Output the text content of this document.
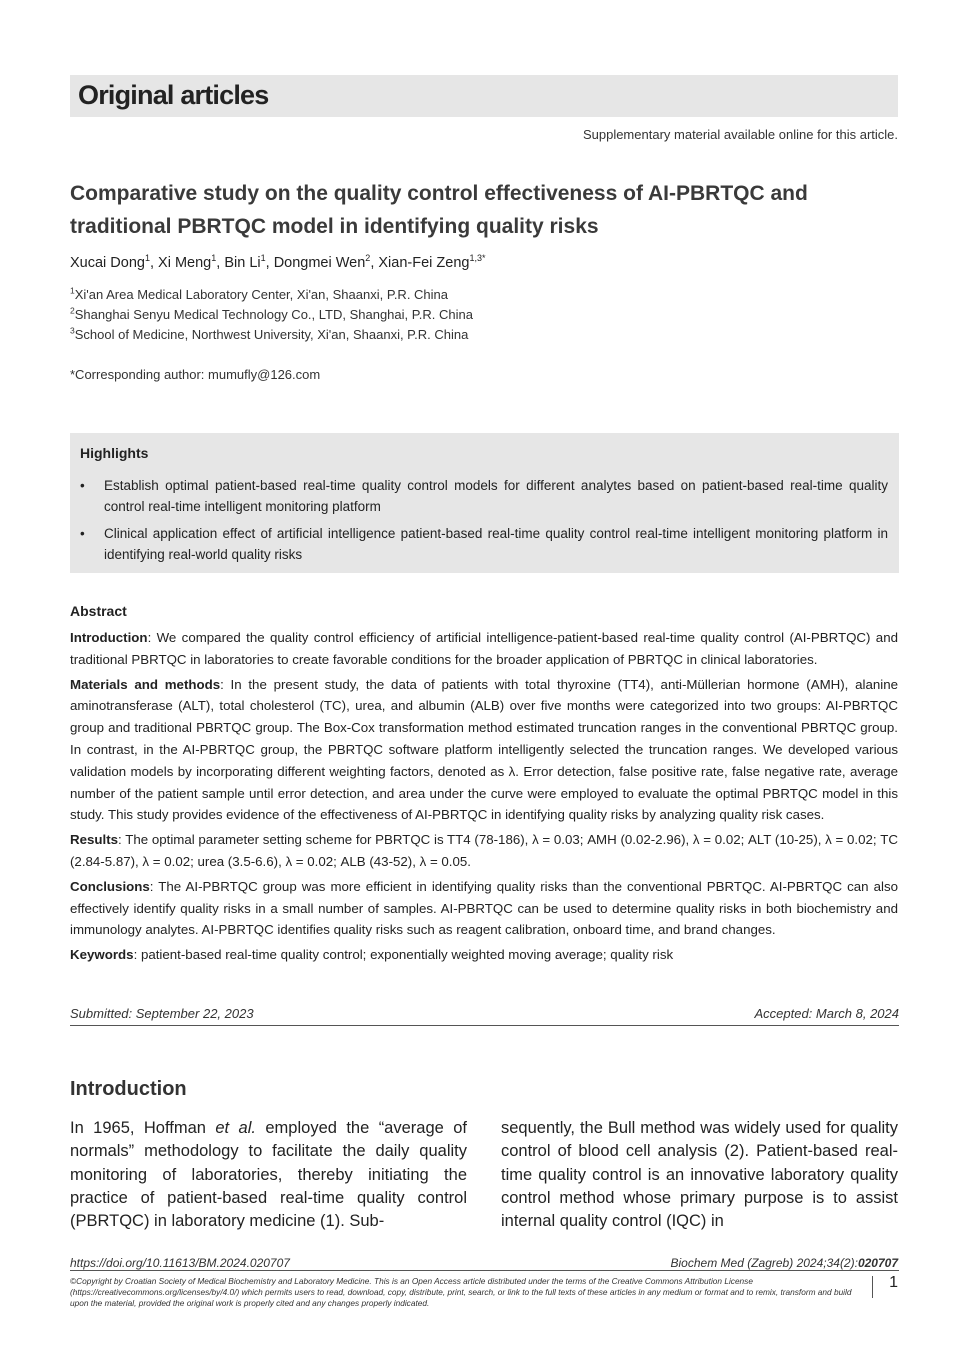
Original articles
Supplementary material available online for this article.
Comparative study on the quality control effectiveness of AI-PBRTQC and traditional PBRTQC model in identifying quality risks
Xucai Dong$^1$, Xi Meng$^1$, Bin Li$^1$, Dongmei Wen$^2$, Xian-Fei Zeng$^{1,3*}$
$^1$Xi'an Area Medical Laboratory Center, Xi'an, Shaanxi, P.R. China
$^2$Shanghai Senyu Medical Technology Co., LTD, Shanghai, P.R. China
$^3$School of Medicine, Northwest University, Xi'an, Shaanxi, P.R. China
*Corresponding author: mumufly@126.com
Highlights
• Establish optimal patient-based real-time quality control models for different analytes based on patient-based real-time quality control real-time intelligent monitoring platform
• Clinical application effect of artificial intelligence patient-based real-time quality control real-time intelligent monitoring platform in identifying real-world quality risks
Abstract

Introduction: We compared the quality control efficiency of artificial intelligence-patient-based real-time quality control (AI-PBRTQC) and traditional PBRTQC in laboratories to create favorable conditions for the broader application of PBRTQC in clinical laboratories.

Materials and methods: In the present study, the data of patients with total thyroxine (TT4), anti-Müllerian hormone (AMH), alanine aminotransferase (ALT), total cholesterol (TC), urea, and albumin (ALB) over five months were categorized into two groups: AI-PBRTQC group and traditional PBRTQC group. The Box-Cox transformation method estimated truncation ranges in the conventional PBRTQC group. In contrast, in the AI-PBRTQC group, the PBRTQC software platform intelligently selected the truncation ranges. We developed various validation models by incorporating different weighting factors, denoted as λ. Error detection, false positive rate, false negative rate, average number of the patient sample until error detection, and area under the curve were employed to evaluate the optimal PBRTQC model in this study. This study provides evidence of the effectiveness of AI-PBRTQC in identifying quality risks by analyzing quality risk cases.

Results: The optimal parameter setting scheme for PBRTQC is TT4 (78-186), λ = 0.03; AMH (0.02-2.96), λ = 0.02; ALT (10-25), λ = 0.02; TC (2.84-5.87), λ = 0.02; urea (3.5-6.6), λ = 0.02; ALB (43-52), λ = 0.05.

Conclusions: The AI-PBRTQC group was more efficient in identifying quality risks than the conventional PBRTQC. AI-PBRTQC can also effectively identify quality risks in a small number of samples. AI-PBRTQC can be used to determine quality risks in both biochemistry and immunology analytes. AI-PBRTQC identifies quality risks such as reagent calibration, onboard time, and brand changes.

Keywords: patient-based real-time quality control; exponentially weighted moving average; quality risk

Submitted: September 22, 2023	Accepted: March 8, 2024
Introduction
In 1965, Hoffman et al. employed the “average of normals” methodology to facilitate the daily quality monitoring of laboratories, thereby initiating the practice of patient-based real-time quality control (PBRTQC) in laboratory medicine (1). Sub-
sequently, the Bull method was widely used for quality control of blood cell analysis (2). Patient-based real-time quality control is an innovative laboratory quality control method whose primary purpose is to assist internal quality control (IQC) in
https://doi.org/10.11613/BM.2024.020707	Biochem Med (Zagreb) 2024;34(2):020707
©Copyright by Croatian Society of Medical Biochemistry and Laboratory Medicine. This is an Open Access article distributed under the terms of the Creative Commons Attribution License (https://creativecommons.org/licenses/by/4.0/) which permits users to read, download, copy, distribute, print, search, or link to the full texts of these articles in any medium or format and to remix, transform and build upon the material, provided the original work is properly cited and any changes properly indicated.
1
